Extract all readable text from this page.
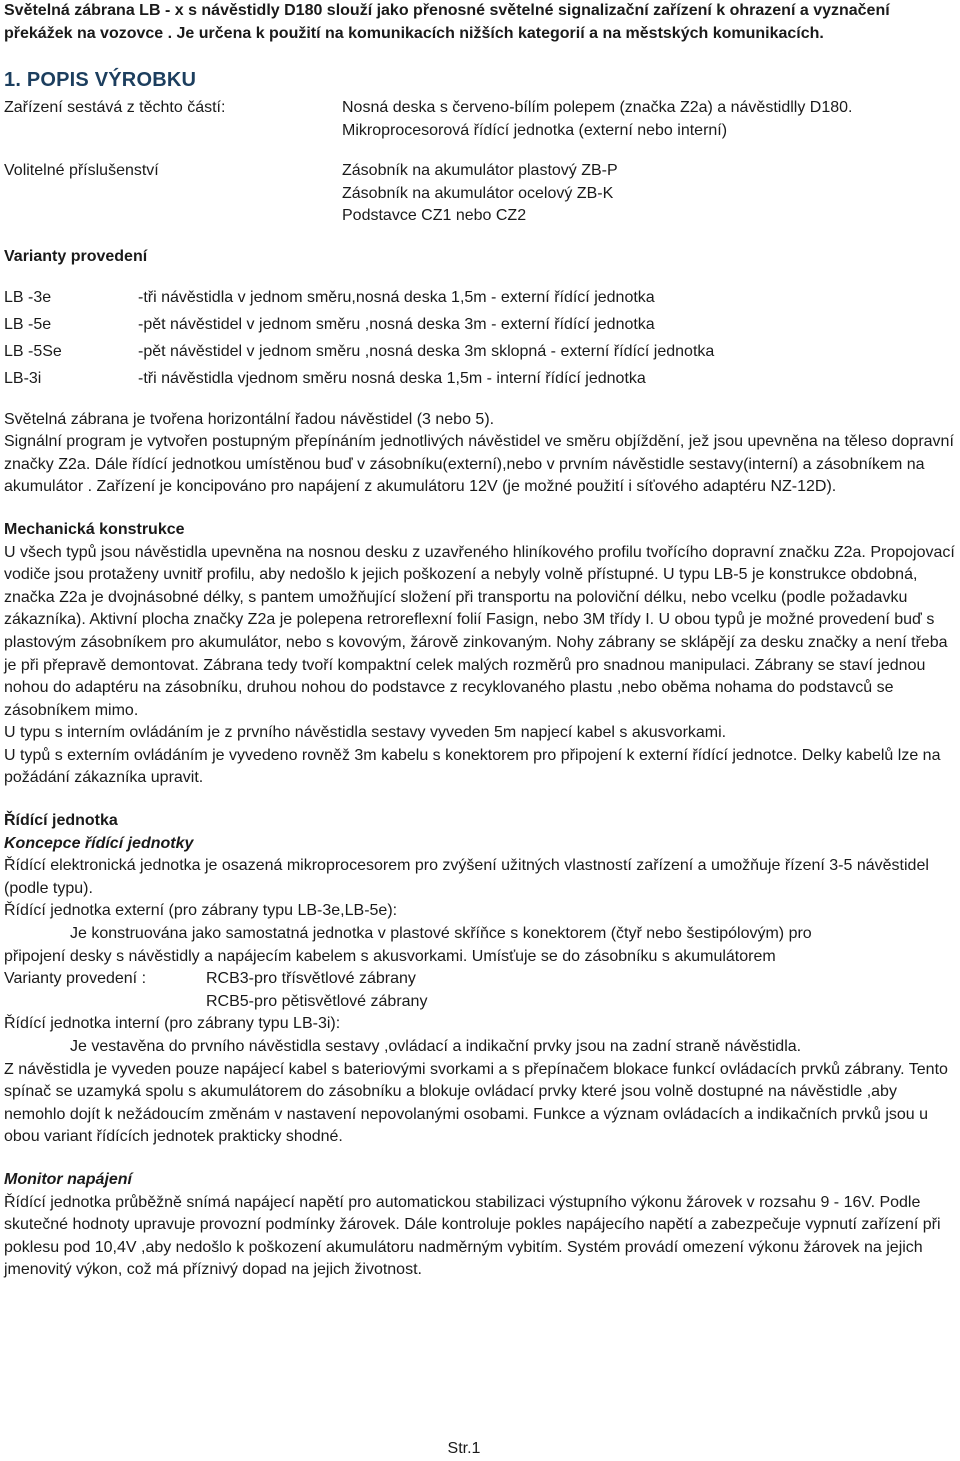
Světelná zábrana LB - x s návěstidly D180 slouží jako přenosné světelné signalizační zařízení k ohrazení a vyznačení překážek na vozovce . Je určena k použití na komunikacích nižších kategorií a na městských komunikacích.
1. POPIS VÝROBKU
Zařízení sestává z těchto částí:	Nosná deska s červeno-bílím polepem (značka Z2a) a návěstidlly D180.
Mikroprocesorová řídící jednotka (externí nebo interní)
Volitelné příslušenství	Zásobník na akumulátor plastový ZB-P
Zásobník na akumulátor ocelový ZB-K
Podstavce CZ1 nebo CZ2
Varianty provedení
LB -3e	-tři návěstidla v jednom směru,nosná deska 1,5m - externí řídící jednotka
LB -5e	-pět návěstidel v jednom směru ,nosná deska 3m - externí řídící jednotka
LB -5Se	-pět návěstidel v jednom směru ,nosná deska 3m sklopná - externí řídící jednotka
LB-3i	-tři návěstidla vjednom směru nosná deska 1,5m - interní řídící jednotka

Světelná zábrana je tvořena horizontální řadou návěstidel (3 nebo 5).

Signální program je vytvořen postupným přepínáním jednotlivých návěstidel ve směru objíždění, jež jsou upevněna na těleso dopravní značky Z2a. Dále řídící jednotkou umístěnou buď v zásobníku(externí),nebo v prvním návěstidle sestavy(interní) a zásobníkem na akumulátor . Zařízení je koncipováno pro napájení z akumulátoru 12V (je možné použití i síťového adaptéru NZ-12D).

Mechanická konstrukce

U všech typů jsou návěstidla upevněna na nosnou desku z uzavřeného hliníkového profilu tvořícího dopravní značku Z2a. Propojovací vodiče jsou protaženy uvnitř profilu, aby nedošlo k jejich poškození a nebyly volně přístupné. U typu LB-5 je konstrukce obdobná, značka Z2a je dvojnásobné délky, s pantem umožňující složení při transportu na poloviční délku, nebo vcelku (podle požadavku zákazníka). Aktivní plocha značky Z2a je polepena retroreflexní folií Fasign, nebo 3M třídy I. U obou typů je možné provedení buď s plastovým zásobníkem pro akumulátor, nebo s kovovým, žárově zinkovaným. Nohy zábrany se sklápějí za desku značky a není třeba je při přepravě demontovat. Zábrana tedy tvoří kompaktní celek malých rozměrů pro snadnou manipulaci. Zábrany se staví jednou nohou do adaptéru na zásobníku, druhou nohou do podstavce z recyklovaného plastu ,nebo oběma nohama do podstavců se zásobníkem mimo.

U typu s interním ovládáním je z prvního návěstidla sestavy vyveden 5m napjecí kabel s akusvorkami.

U typů s externím ovládáním je vyvedeno rovněž 3m kabelu s konektorem pro připojení k externí řídící jednotce. Delky kabelů lze na požádání zákazníka upravit.

Řídící jednotka
Koncepce řídící jednotky

Řídící elektronická jednotka je osazená mikroprocesorem pro zvýšení užitných vlastností zařízení a umožňuje řízení 3-5 návěstidel (podle typu).

Řídící jednotka externí (pro zábrany typu LB-3e,LB-5e):

Je konstruována jako samostatná jednotka v plastové skříňce s konektorem (čtyř nebo šestipólovým) pro

připojení desky s návěstidly a napájecím kabelem s akusvorkami. Umísťuje se do zásobníku s akumulátorem

Varianty provedení :	RCB3-pro třísvětlové zábrany
RCB5-pro pětisvětlové zábrany

Řídící jednotka interní (pro zábrany typu LB-3i):

Je vestavěna do prvního návěstidla sestavy ,ovládací a indikační prvky jsou na zadní straně návěstidla.

Z návěstidla je vyveden pouze napájecí kabel s bateriovými svorkami a s přepínačem blokace funkcí ovládacích prvků zábrany. Tento spínač se uzamyká spolu s akumulátorem do zásobníku a blokuje ovládací prvky které jsou volně dostupné na návěstidle ,aby nemohlo dojít k nežádoucím změnám v nastavení nepovolanými osobami. Funkce a význam ovládacích a indikačních prvků jsou u obou variant řídících jednotek prakticky shodné.

Monitor napájení

Řídící jednotka průběžně snímá napájecí napětí pro automatickou stabilizaci výstupního výkonu žárovek v rozsahu 9 - 16V. Podle skutečné hodnoty upravuje provozní podmínky žárovek. Dále kontroluje pokles napájecího napětí a zabezpečuje vypnutí zařízení při poklesu pod 10,4V ,aby nedošlo k poškození akumulátoru nadměrným vybitím. Systém provádí omezení výkonu žárovek na jejich jmenovitý výkon, což má příznivý dopad na jejich životnost.

Str.1
